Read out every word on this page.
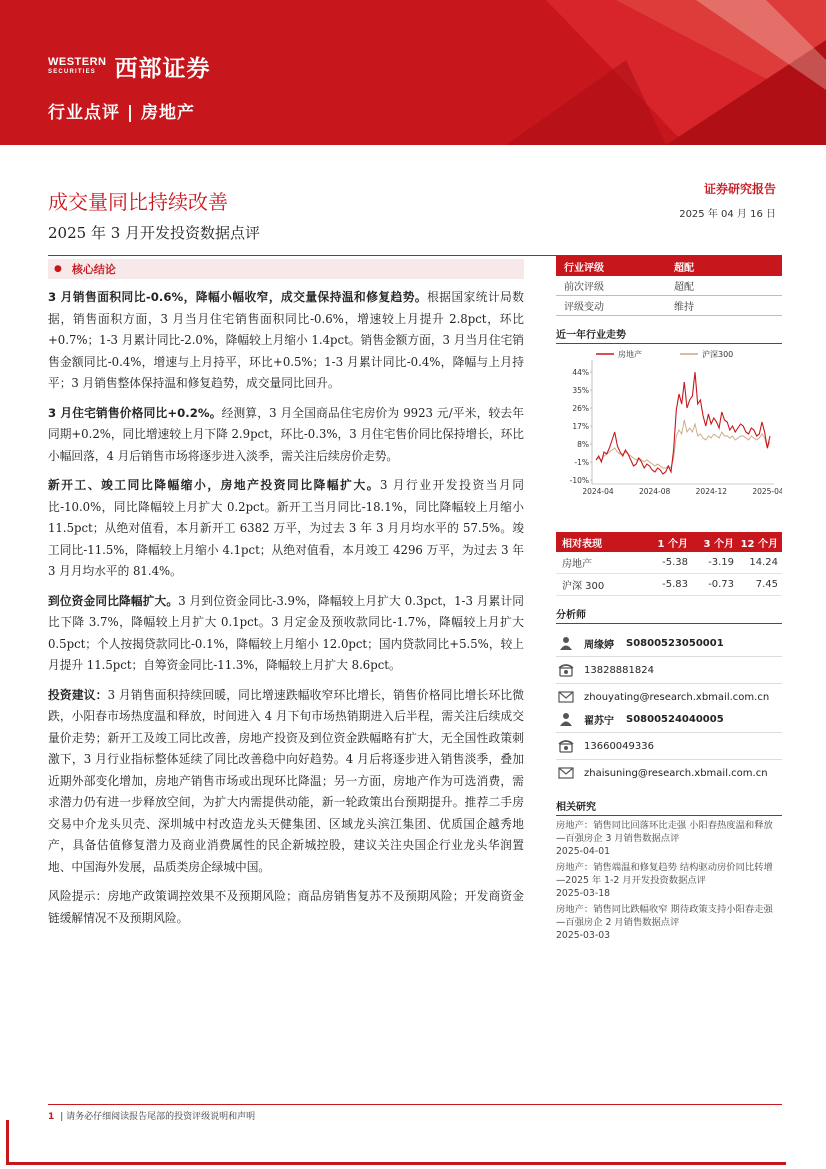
WESTERN
SECURITIES 西部证券
行业点评 | 房地产
成交量同比持续改善
2025 年 3 月开发投资数据点评
证券研究报告
2025 年 04 月 16 日
● 核心结论
3 月销售面积同比-0.6%，降幅小幅收窄，成交量保持温和修复趋势。根据国家统计局数据，销售面积方面，3 月当月住宅销售面积同比-0.6%，增速较上月提升 2.8pct，环比+0.7%；1-3 月累计同比-2.0%，降幅较上月缩小 1.4pct。销售金额方面，3 月当月住宅销售金额同比-0.4%，增速与上月持平，环比+0.5%；1-3 月累计同比-0.4%，降幅与上月持平；3 月销售整体保持温和修复趋势，成交量同比回升。
3 月住宅销售价格同比+0.2%。经测算，3 月全国商品住宅房价为 9923 元/平米，较去年同期+0.2%，同比增速较上月下降 2.9pct，环比-0.3%，3 月住宅售价同比保持增长，环比小幅回落，4 月后销售市场将逐步进入淡季，需关注后续房价走势。
新开工、竣工同比降幅缩小，房地产投资同比降幅扩大。3 月行业开发投资当月同比-10.0%，同比降幅较上月扩大 0.2pct。新开工当月同比-18.1%，同比降幅较上月缩小 11.5pct；从绝对值看，本月新开工 6382 万平，为过去 3 年 3 月月均水平的 57.5%。竣工同比-11.5%，降幅较上月缩小 4.1pct；从绝对值看，本月竣工 4296 万平，为过去 3 年 3 月月均水平的 81.4%。
到位资金同比降幅扩大。3 月到位资金同比-3.9%，降幅较上月扩大 0.3pct，1-3 月累计同比下降 3.7%，降幅较上月扩大 0.1pct。3 月定金及预收款同比-1.7%，降幅较上月扩大 0.5pct；个人按揭贷款同比-0.1%，降幅较上月缩小 12.0pct；国内贷款同比+5.5%，较上月提升 11.5pct；自筹资金同比-11.3%，降幅较上月扩大 8.6pct。
投资建议：3 月销售面积持续回暖，同比增速跌幅收窄环比增长，销售价格同比增长环比微跌，小阳春市场热度温和释放，时间进入 4 月下旬市场热销期进入后半程，需关注后续成交量价走势；新开工及竣工同比改善，房地产投资及到位资金跌幅略有扩大，无全国性政策刺激下，3 月行业指标整体延续了同比改善稳中向好趋势。4 月后将逐步进入销售淡季，叠加近期外部变化增加，房地产销售市场或出现环比降温；另一方面，房地产作为可选消费，需求潜力仍有进一步释放空间，为扩大内需提供动能，新一轮政策出台预期提升。推荐二手房交易中介龙头贝壳、深圳城中村改造龙头天健集团、区域龙头滨江集团、优质国企越秀地产，具备估值修复潜力及商业消费属性的民企新城控股，建议关注央国企行业龙头华润置地、中国海外发展，品质类房企绿城中国。
风险提示：房地产政策调控效果不及预期风险；商品房销售复苏不及预期风险；开发商资金链缓解情况不及预期风险。
行业评级	超配
前次评级	超配
评级变动	维持
近一年行业走势
房地产	沪深300
44%
35%
26%
17%
8%
-1%
-10%
2024-04	2024-08	2024-12	2025-04
相对表现	1 个月	3 个月 12 个月
房地产	-5.38	-3.19	14.24
沪深 300	-5.83	-0.73	7.45
分析师
周缘婷 S0800523050001
13828881824
zhouyating@research.xbmail.com.cn
翟苏宁 S0800524040005
13660049336
zhaisuning@research.xbmail.com.cn
相关研究
房地产：销售同比回落环比走强 小阳春热度温和释放—百强房企 3 月销售数据点评
2025-04-01
房地产：销售端温和修复趋势 结构驱动房价同比转增—2025 年 1-2 月开发投资数据点评
2025-03-18
房地产：销售同比跌幅收窄 期待政策支持小阳春走强—百强房企 2 月销售数据点评
2025-03-03
1 | 请务必仔细阅读报告尾部的投资评级说明和声明
